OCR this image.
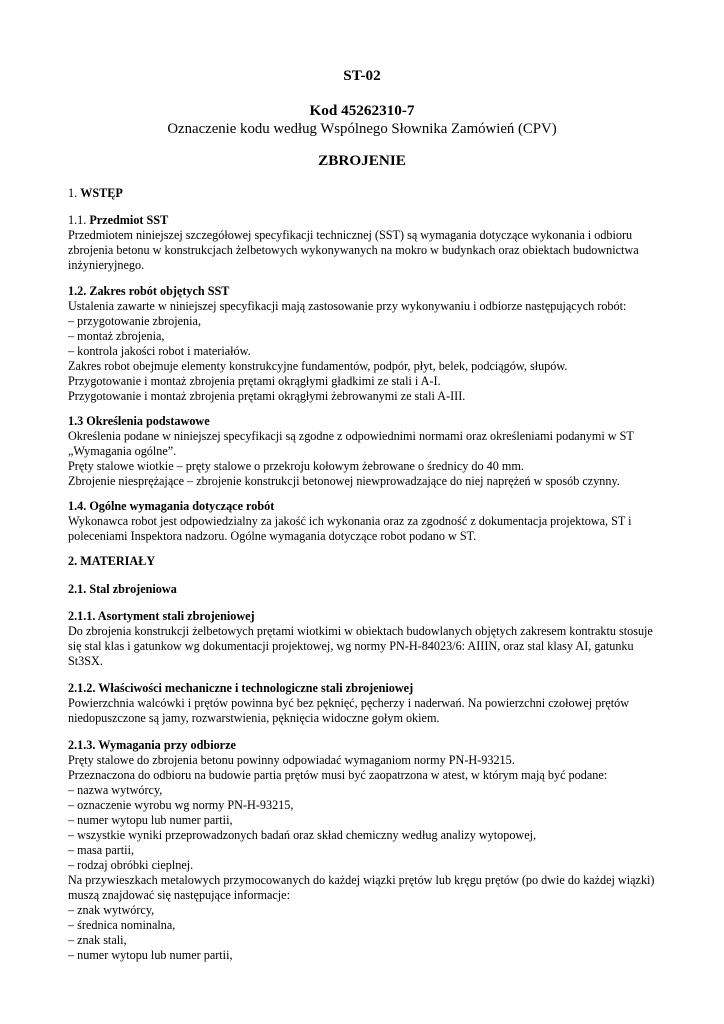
ST-02
Kod 45262310-7
Oznaczenie kodu według Wspólnego Słownika Zamówień (CPV)
ZBROJENIE
1. WSTĘP
1.1. Przedmiot SST
Przedmiotem niniejszej szczegółowej specyfikacji technicznej (SST) są wymagania dotyczące wykonania i odbioru
zbrojenia betonu w konstrukcjach żelbetowych wykonywanych na mokro w budynkach oraz obiektach budownictwa
inżynieryjnego.
1.2. Zakres robót objętych SST
Ustalenia zawarte w niniejszej specyfikacji mają zastosowanie przy wykonywaniu i odbiorze następujących robót:
– przygotowanie zbrojenia,
– montaż zbrojenia,
– kontrola jakości robot i materiałów.
Zakres robot obejmuje elementy konstrukcyjne fundamentów, podpór, płyt, belek, podciągów, słupów.
Przygotowanie i montaż zbrojenia prętami okrągłymi gładkimi ze stali i A-I.
Przygotowanie i montaż zbrojenia prętami okrągłymi żebrowanymi ze stali A-III.
1.3 Określenia podstawowe
Określenia podane w niniejszej specyfikacji są zgodne z odpowiednimi normami oraz określeniami podanymi w ST
„Wymagania ogólne”.
Pręty stalowe wiotkie – pręty stalowe o przekroju kołowym żebrowane o średnicy do 40 mm.
Zbrojenie niesprężające – zbrojenie konstrukcji betonowej niewprowadzające do niej naprężeń w sposób czynny.
1.4. Ogólne wymagania dotyczące robót
Wykonawca robot jest odpowiedzialny za jakość ich wykonania oraz za zgodność z dokumentacja projektowa, ST i
poleceniami Inspektora nadzoru. Ogólne wymagania dotyczące robot podano w ST.
2. MATERIAŁY
2.1. Stal zbrojeniowa
2.1.1. Asortyment stali zbrojeniowej
Do zbrojenia konstrukcji żelbetowych prętami wiotkimi w obiektach budowlanych objętych zakresem kontraktu stosuje
się stal klas i gatunkow wg dokumentacji projektowej, wg normy PN-H-84023/6: AIIIN, oraz stal klasy AI, gatunku
St3SX.
2.1.2. Właściwości mechaniczne i technologiczne stali zbrojeniowej
Powierzchnia walcówki i prętów powinna być bez pęknięć, pęcherzy i naderwań. Na powierzchni czołowej prętów
niedopuszczone są jamy, rozwarstwienia, pęknięcia widoczne gołym okiem.
2.1.3. Wymagania przy odbiorze
Pręty stalowe do zbrojenia betonu powinny odpowiadać wymaganiom normy PN-H-93215.
Przeznaczona do odbioru na budowie partia prętów musi być zaopatrzona w atest, w którym mają być podane:
– nazwa wytwórcy,
– oznaczenie wyrobu wg normy PN-H-93215,
– numer wytopu lub numer partii,
– wszystkie wyniki przeprowadzonych badań oraz skład chemiczny według analizy wytopowej,
– masa partii,
– rodzaj obróbki cieplnej.
Na przywieszkach metalowych przymocowanych do każdej wiązki prętów lub kręgu prętów (po dwie do każdej wiązki)
muszą znajdować się następujące informacje:
– znak wytwórcy,
– średnica nominalna,
– znak stali,
– numer wytopu lub numer partii,
